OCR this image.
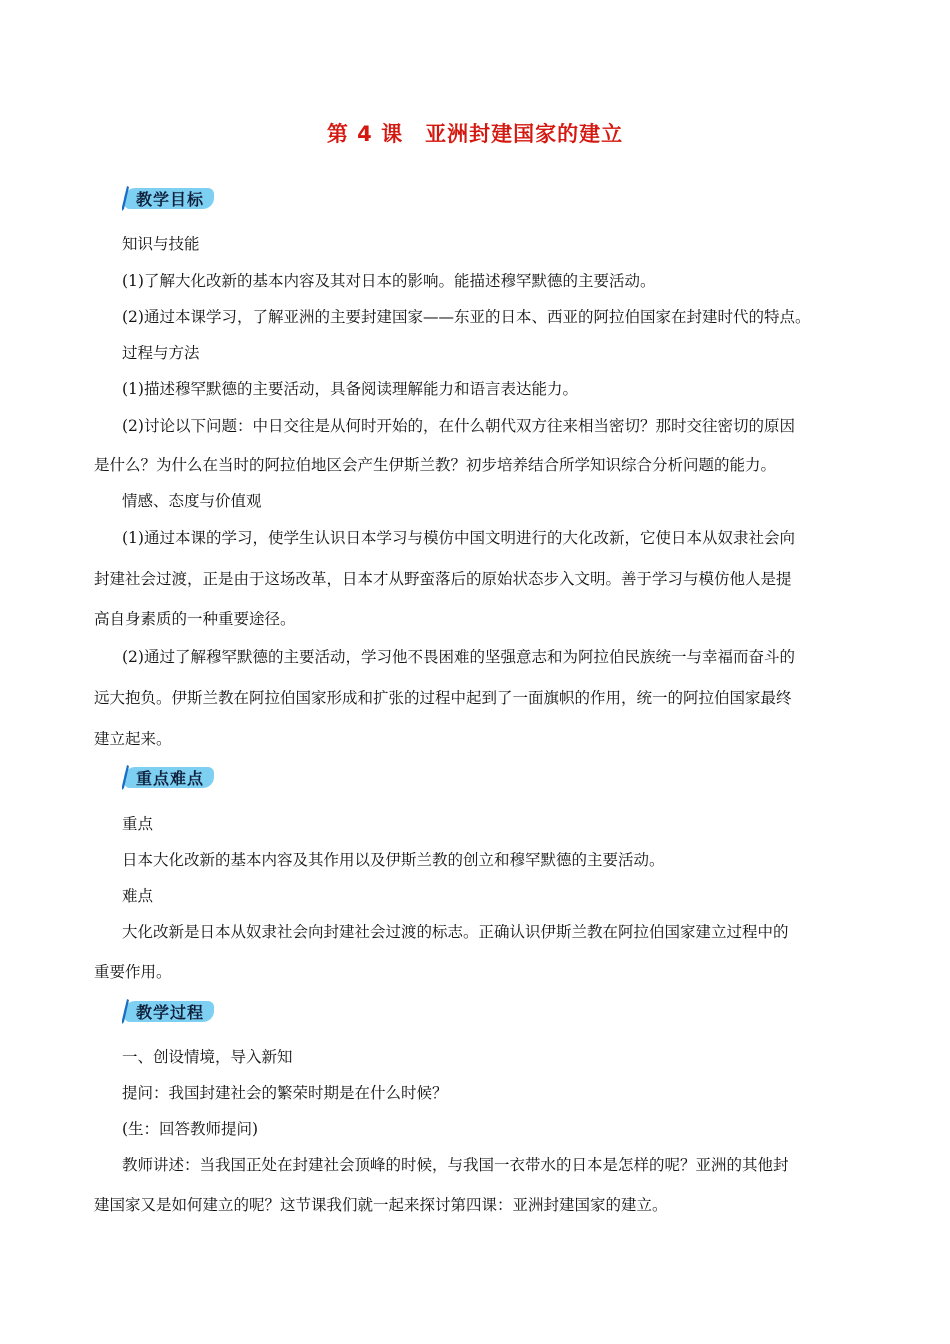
第 4 课　亚洲封建国家的建立
教学目标
知识与技能
(1)了解大化改新的基本内容及其对日本的影响。能描述穆罕默德的主要活动。
(2)通过本课学习，了解亚洲的主要封建国家——东亚的日本、西亚的阿拉伯国家在封建时代的特点。
过程与方法
(1)描述穆罕默德的主要活动，具备阅读理解能力和语言表达能力。
(2)讨论以下问题：中日交往是从何时开始的，在什么朝代双方往来相当密切？那时交往密切的原因
是什么？为什么在当时的阿拉伯地区会产生伊斯兰教？初步培养结合所学知识综合分析问题的能力。
情感、态度与价值观
(1)通过本课的学习，使学生认识日本学习与模仿中国文明进行的大化改新，它使日本从奴隶社会向
封建社会过渡，正是由于这场改革，日本才从野蛮落后的原始状态步入文明。善于学习与模仿他人是提
高自身素质的一种重要途径。
(2)通过了解穆罕默德的主要活动，学习他不畏困难的坚强意志和为阿拉伯民族统一与幸福而奋斗的
远大抱负。伊斯兰教在阿拉伯国家形成和扩张的过程中起到了一面旗帜的作用，统一的阿拉伯国家最终
建立起来。
重点难点
重点
日本大化改新的基本内容及其作用以及伊斯兰教的创立和穆罕默德的主要活动。
难点
大化改新是日本从奴隶社会向封建社会过渡的标志。正确认识伊斯兰教在阿拉伯国家建立过程中的
重要作用。
教学过程
一、创设情境，导入新知
提问：我国封建社会的繁荣时期是在什么时候？
(生：回答教师提问)
教师讲述：当我国正处在封建社会顶峰的时候，与我国一衣带水的日本是怎样的呢？亚洲的其他封
建国家又是如何建立的呢？这节课我们就一起来探讨第四课：亚洲封建国家的建立。
